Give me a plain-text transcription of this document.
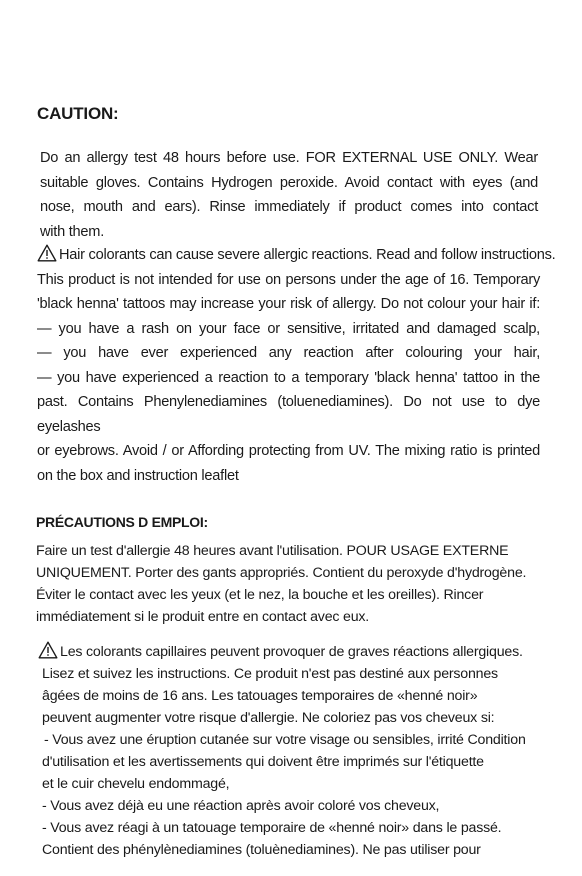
CAUTION:

Do an allergy test 48 hours before use. FOR EXTERNAL USE ONLY. Wear
suitable gloves. Contains Hydrogen peroxide. Avoid contact with eyes (and
nose, mouth and ears). Rinse immediately if product comes into contact
with them.

Hair colorants can cause severe allergic reactions. Read and follow instructions.
This product is not intended for use on persons under the age of 16. Temporary
'black henna' tattoos may increase your risk of allergy. Do not colour your hair if:
— you have a rash on your face or sensitive, irritated and damaged scalp,
— you have ever experienced any reaction after colouring your hair,
— you have experienced a reaction to a temporary 'black henna' tattoo in the
past. Contains Phenylenediamines (toluenediamines). Do not use to dye eyelashes
or eyebrows. Avoid / or Affording protecting from UV. The mixing ratio is printed
on the box and instruction leaflet

PRÉCAUTIONS D EMPLOI:

Faire un test d'allergie 48 heures avant l'utilisation. POUR USAGE EXTERNE
UNIQUEMENT. Porter des gants appropriés. Contient du peroxyde d'hydrogène.
Éviter le contact avec les yeux (et le nez, la bouche et les oreilles). Rincer
immédiatement si le produit entre en contact avec eux.

Les colorants capillaires peuvent provoquer de graves réactions allergiques.
Lisez et suivez les instructions. Ce produit n'est pas destiné aux personnes
âgées de moins de 16 ans. Les tatouages temporaires de «henné noir»
peuvent augmenter votre risque d'allergie. Ne coloriez pas vos cheveux si:
- Vous avez une éruption cutanée sur votre visage ou sensibles, irrité Condition
d'utilisation et les avertissements qui doivent être imprimés sur l'étiquette
et le cuir chevelu endommagé,
- Vous avez déjà eu une réaction après avoir coloré vos cheveux,
- Vous avez réagi à un tatouage temporaire de «henné noir» dans le passé.
Contient des phénylènediamines (toluènediamines). Ne pas utiliser pour
